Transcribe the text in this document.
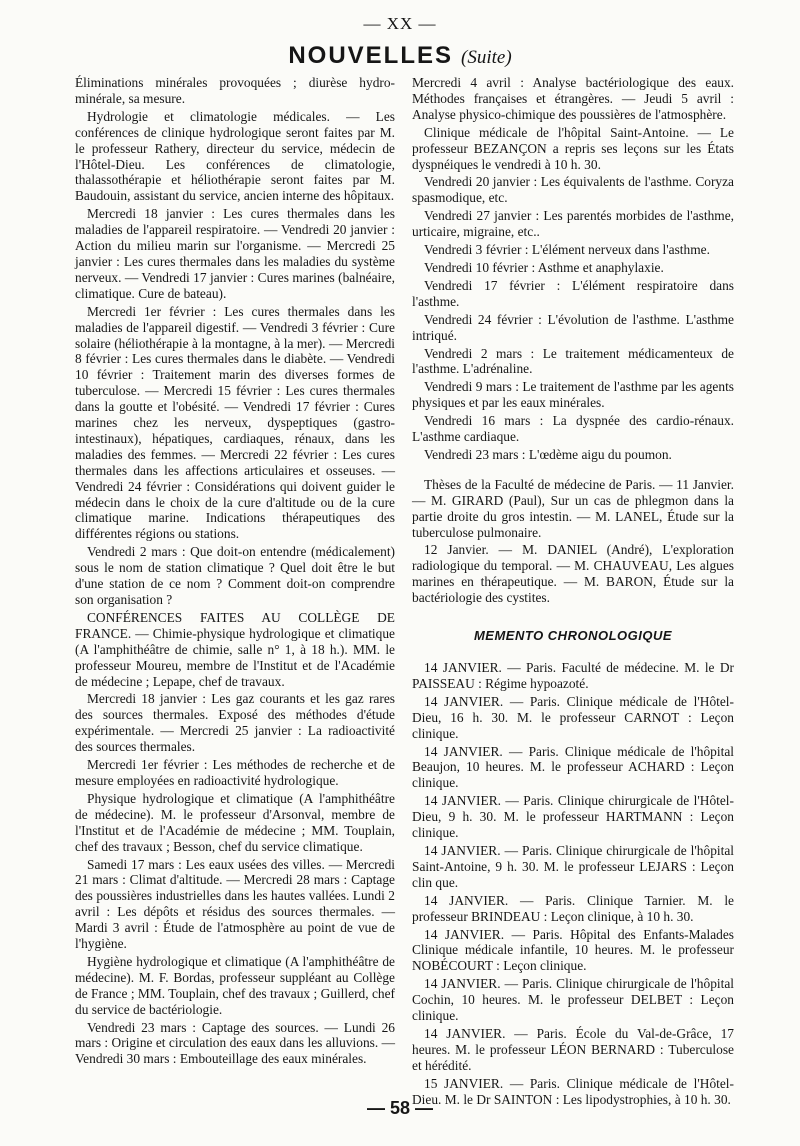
— XX —
NOUVELLES (Suite)

Éliminations minérales provoquées ; diurèse hydro-minérale, sa mesure.

Hydrologie et climatologie médicales. — Les conférences de clinique hydrologique seront faites par M. le professeur Rathery, directeur du service, médecin de l'Hôtel-Dieu. Les conférences de climatologie, thalassothérapie et héliothérapie seront faites par M. Baudouin, assistant du service, ancien interne des hôpitaux.

Mercredi 18 janvier : Les cures thermales dans les maladies de l'appareil respiratoire. — Vendredi 20 janvier : Action du milieu marin sur l'organisme. — Mercredi 25 janvier : Les cures thermales dans les maladies du système nerveux. — Vendredi 17 janvier : Cures marines (balnéaire, climatique. Cure de bateau).

Mercredi 1er février : Les cures thermales dans les maladies de l'appareil digestif. — Vendredi 3 février : Cure solaire (héliothérapie à la montagne, à la mer). — Mercredi 8 février : Les cures thermales dans le diabète. — Vendredi 10 février : Traitement marin des diverses formes de tuberculose. — Mercredi 15 février : Les cures thermales dans la goutte et l'obésité. — Vendredi 17 février : Cures marines chez les nerveux, dyspeptiques (gastro-intestinaux), hépatiques, cardiaques, rénaux, dans les maladies des femmes. — Mercredi 22 février : Les cures thermales dans les affections articulaires et osseuses. — Vendredi 24 février : Considérations qui doivent guider le médecin dans le choix de la cure d'altitude ou de la cure climatique marine. Indications thérapeutiques des différentes régions ou stations.

Vendredi 2 mars : Que doit-on entendre (médicalement) sous le nom de station climatique ? Quel doit être le but d'une station de ce nom ? Comment doit-on comprendre son organisation ?

CONFÉRENCES FAITES AU COLLÈGE DE FRANCE. — Chimie-physique hydrologique et climatique (A l'amphithéâtre de chimie, salle n° 1, à 18 h.). MM. le professeur Moureu, membre de l'Institut et de l'Académie de médecine ; Lepape, chef de travaux.

Mercredi 18 janvier : Les gaz courants et les gaz rares des sources thermales. Exposé des méthodes d'étude expérimentale. — Mercredi 25 janvier : La radioactivité des sources thermales.

Mercredi 1er février : Les méthodes de recherche et de mesure employées en radioactivité hydrologique.

Physique hydrologique et climatique (A l'amphithéâtre de médecine). M. le professeur d'Arsonval, membre de l'Institut et de l'Académie de médecine ; MM. Touplain, chef des travaux ; Besson, chef du service climatique.

Samedi 17 mars : Les eaux usées des villes. — Mercredi 21 mars : Climat d'altitude. — Mercredi 28 mars : Captage des poussières industrielles dans les hautes vallées. Lundi 2 avril : Les dépôts et résidus des sources thermales. — Mardi 3 avril : Étude de l'atmosphère au point de vue de l'hygiène.

Hygiène hydrologique et climatique (A l'amphithéâtre de médecine). M. F. Bordas, professeur suppléant au Collège de France ; MM. Touplain, chef des travaux ; Guillerd, chef du service de bactériologie.

Vendredi 23 mars : Captage des sources. — Lundi 26 mars : Origine et circulation des eaux dans les alluvions. — Vendredi 30 mars : Embouteillage des eaux minérales.

Mercredi 4 avril : Analyse bactériologique des eaux. Méthodes françaises et étrangères. — Jeudi 5 avril : Analyse physico-chimique des poussières de l'atmosphère.

Clinique médicale de l'hôpital Saint-Antoine. — Le professeur BEZANÇON a repris ses leçons sur les États dyspnéiques le vendredi à 10 h. 30.

Vendredi 20 janvier : Les équivalents de l'asthme. Coryza spasmodique, etc.

Vendredi 27 janvier : Les parentés morbides de l'asthme, urticaire, migraine, etc..

Vendredi 3 février : L'élément nerveux dans l'asthme.

Vendredi 10 février : Asthme et anaphylaxie.

Vendredi 17 février : L'élément respiratoire dans l'asthme.

Vendredi 24 février : L'évolution de l'asthme. L'asthme intriqué.

Vendredi 2 mars : Le traitement médicamenteux de l'asthme. L'adrénaline.

Vendredi 9 mars : Le traitement de l'asthme par les agents physiques et par les eaux minérales.

Vendredi 16 mars : La dyspnée des cardio-rénaux. L'asthme cardiaque.

Vendredi 23 mars : L'œdème aigu du poumon.

Thèses de la Faculté de médecine de Paris. — 11 Janvier. — M. GIRARD (Paul), Sur un cas de phlegmon dans la partie droite du gros intestin. — M. LANEL, Étude sur la tuberculose pulmonaire.

12 Janvier. — M. DANIEL (André), L'exploration radiologique du temporal. — M. CHAUVEAU, Les algues marines en thérapeutique. — M. BARON, Étude sur la bactériologie des cystites.

MEMENTO CHRONOLOGIQUE

14 JANVIER. — Paris. Faculté de médecine. M. le Dr PAISSEAU : Régime hypoazoté.

14 JANVIER. — Paris. Clinique médicale de l'Hôtel-Dieu, 16 h. 30. M. le professeur CARNOT : Leçon clinique.

14 JANVIER. — Paris. Clinique médicale de l'hôpital Beaujon, 10 heures. M. le professeur ACHARD : Leçon clinique.

14 JANVIER. — Paris. Clinique chirurgicale de l'Hôtel-Dieu, 9 h. 30. M. le professeur HARTMANN : Leçon clinique.

14 JANVIER. — Paris. Clinique chirurgicale de l'hôpital Saint-Antoine, 9 h. 30. M. le professeur LEJARS : Leçon clin que.

14 JANVIER. — Paris. Clinique Tarnier. M. le professeur BRINDEAU : Leçon clinique, à 10 h. 30.

14 JANVIER. — Paris. Hôpital des Enfants-Malades Clinique médicale infantile, 10 heures. M. le professeur NOBÉCOURT : Leçon clinique.

14 JANVIER. — Paris. Clinique chirurgicale de l'hôpital Cochin, 10 heures. M. le professeur DELBET : Leçon clinique.

14 JANVIER. — Paris. École du Val-de-Grâce, 17 heures. M. le professeur LÉON BERNARD : Tuberculose et hérédité.

15 JANVIER. — Paris. Clinique médicale de l'Hôtel-Dieu. M. le Dr SAINTON : Les lipodystrophies, à 10 h. 30.

— 58 —
